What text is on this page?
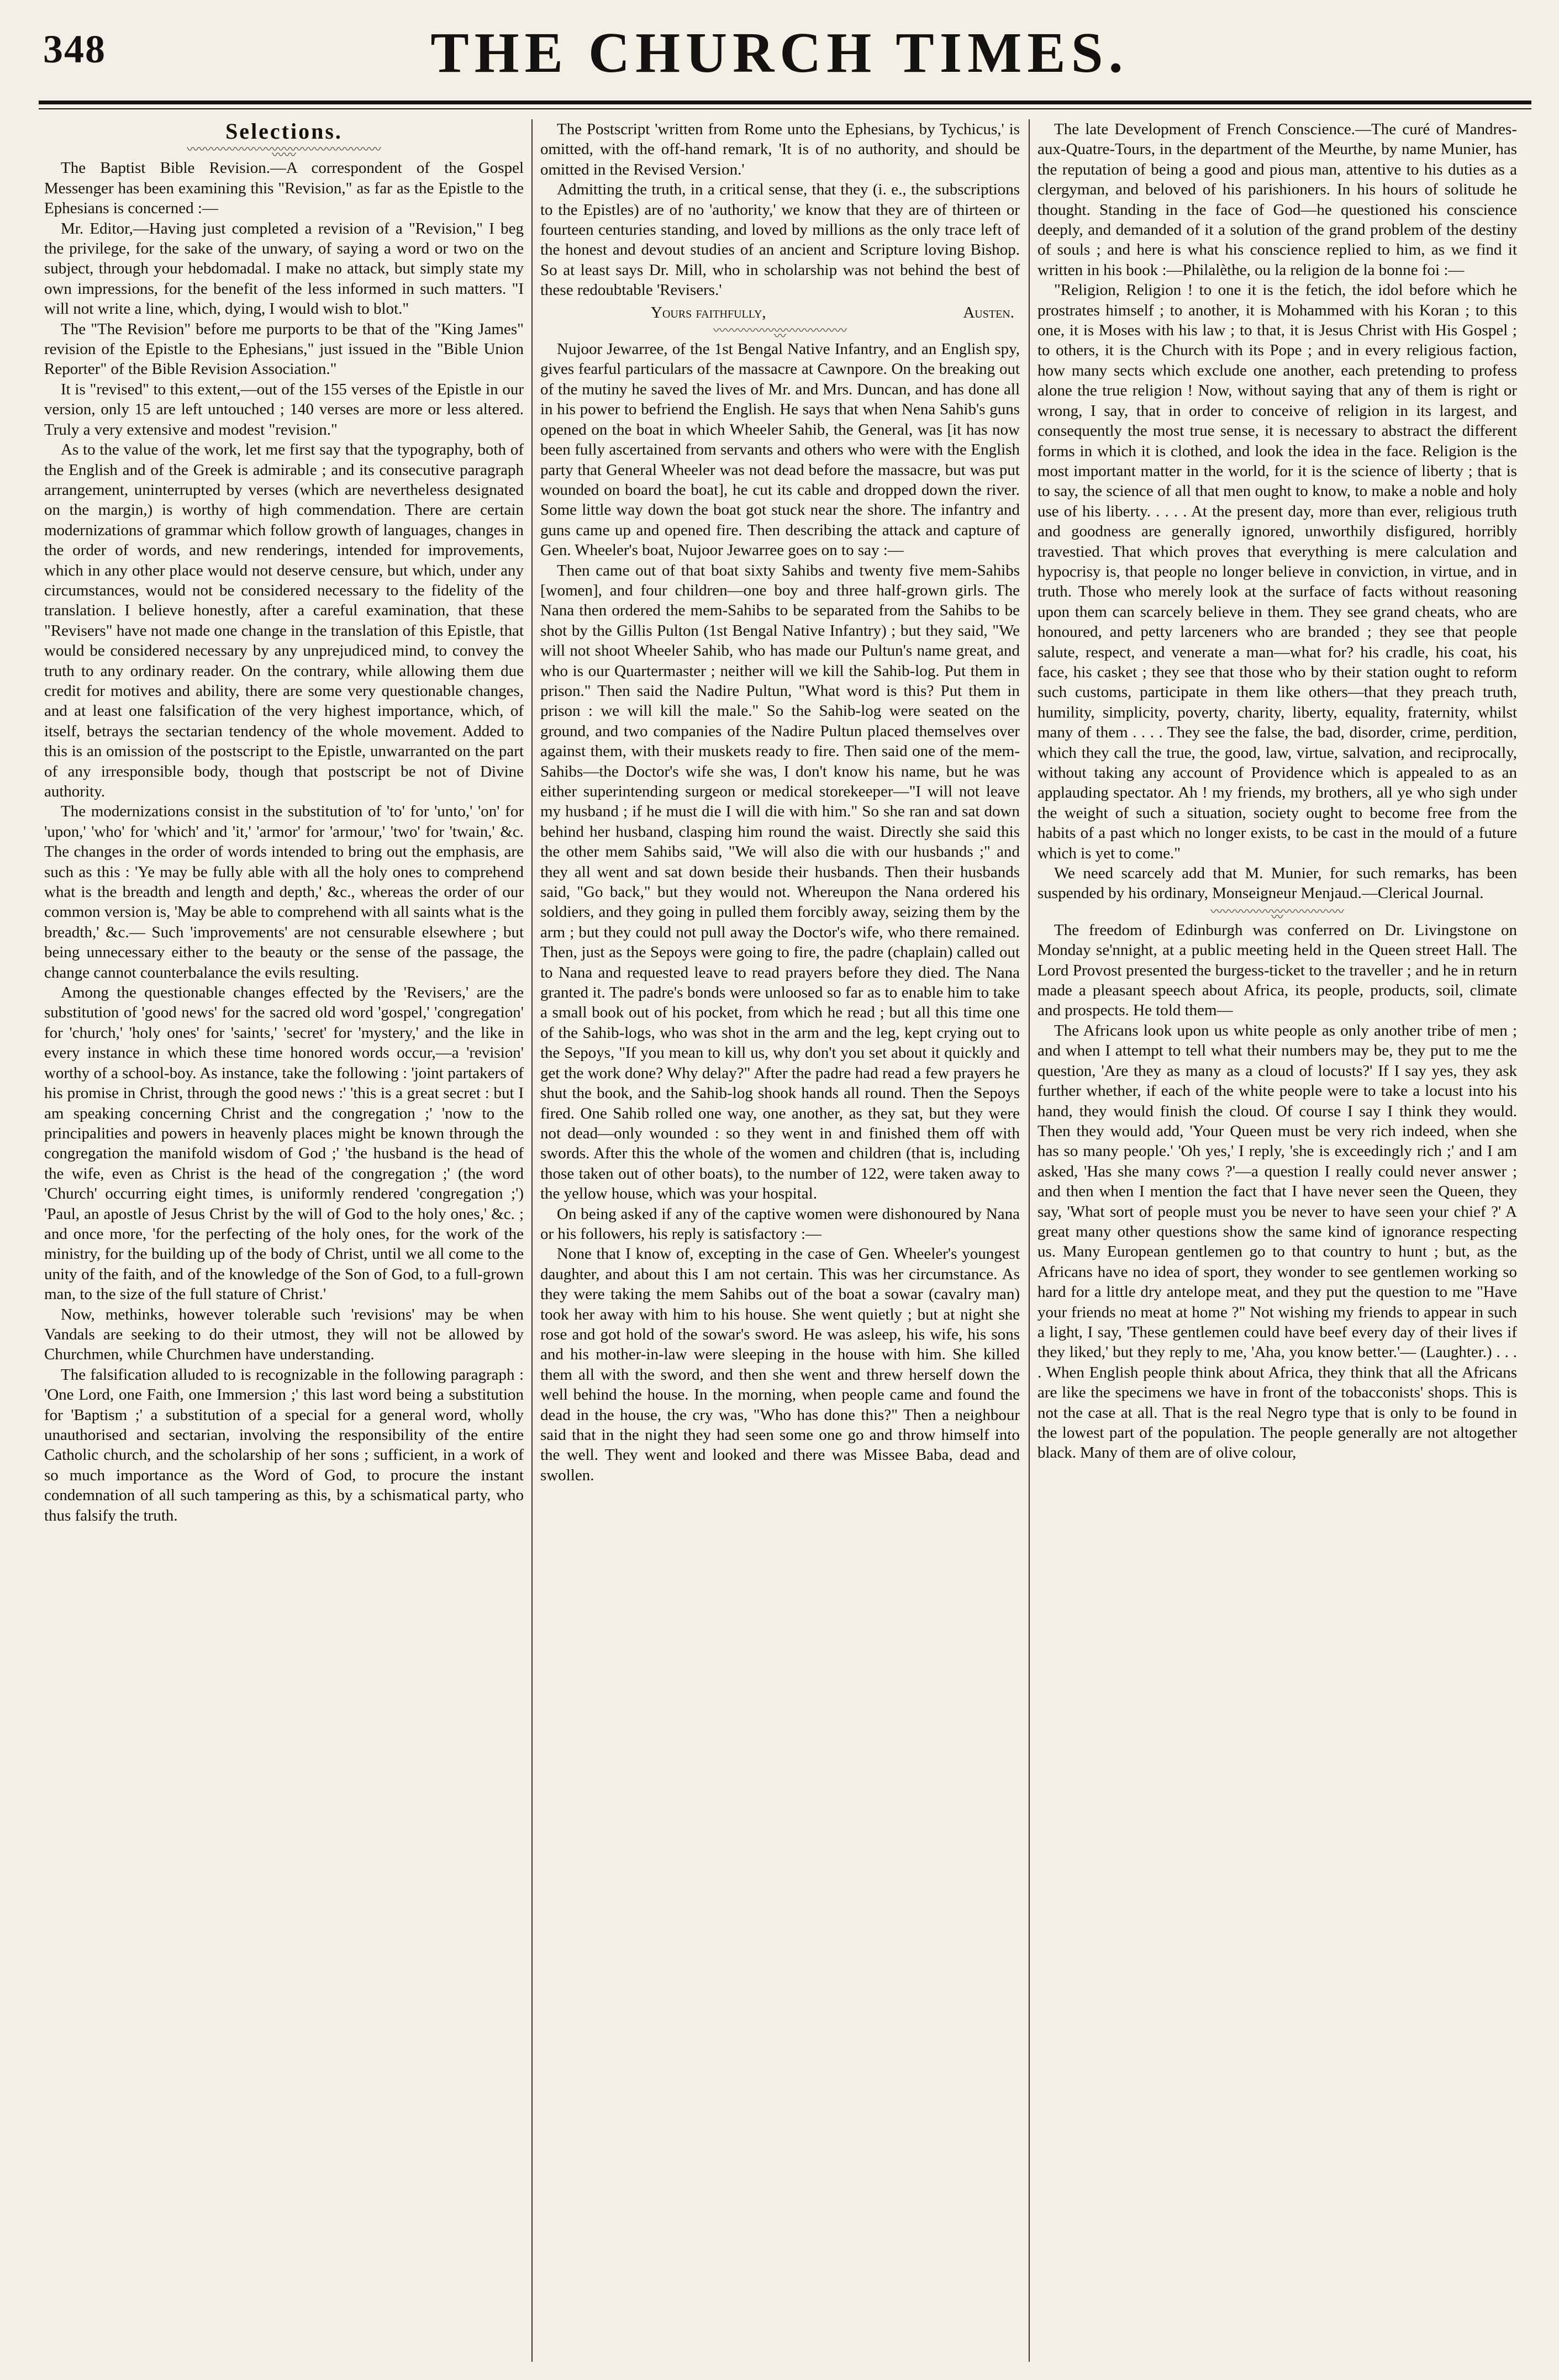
348	THE CHURCH TIMES.
Selections.
〰〰〰〰〰〰〰〰〰〰〰〰〰〰〰〰〰〰

The Baptist Bible Revision.—A correspondent of the Gospel Messenger has been examining this "Revision," as far as the Epistle to the Ephesians is concerned :—

Mr. Editor,—Having just completed a revision of a "Revision," I beg the privilege, for the sake of the unwary, of saying a word or two on the subject, through your hebdomadal. I make no attack, but simply state my own impressions, for the benefit of the less informed in such matters. "I will not write a line, which, dying, I would wish to blot."

The "The Revision" before me purports to be that of the "King James" revision of the Epistle to the Ephesians," just issued in the "Bible Union Reporter" of the Bible Revision Association."

It is "revised" to this extent,—out of the 155 verses of the Epistle in our version, only 15 are left untouched ; 140 verses are more or less altered. Truly a very extensive and modest "revision."

As to the value of the work, let me first say that the typography, both of the English and of the Greek is admirable ; and its consecutive paragraph arrangement, uninterrupted by verses (which are nevertheless designated on the margin,) is worthy of high commendation. There are certain modernizations of grammar which follow growth of languages, changes in the order of words, and new renderings, intended for improvements, which in any other place would not deserve censure, but which, under any circumstances, would not be considered necessary to the fidelity of the translation. I believe honestly, after a careful examination, that these "Revisers" have not made one change in the translation of this Epistle, that would be considered necessary by any unprejudiced mind, to convey the truth to any ordinary reader. On the contrary, while allowing them due credit for motives and ability, there are some very questionable changes, and at least one falsification of the very highest importance, which, of itself, betrays the sectarian tendency of the whole movement. Added to this is an omission of the postscript to the Epistle, unwarranted on the part of any irresponsible body, though that postscript be not of Divine authority.

The modernizations consist in the substitution of 'to' for 'unto,' 'on' for 'upon,' 'who' for 'which' and 'it,' 'armor' for 'armour,' 'two' for 'twain,' &c. The changes in the order of words intended to bring out the emphasis, are such as this : 'Ye may be fully able with all the holy ones to comprehend what is the breadth and length and depth,' &c., whereas the order of our common version is, 'May be able to comprehend with all saints what is the breadth,' &c.— Such 'improvements' are not censurable elsewhere ; but being unnecessary either to the beauty or the sense of the passage, the change cannot counterbalance the evils resulting.

Among the questionable changes effected by the 'Revisers,' are the substitution of 'good news' for the sacred old word 'gospel,' 'congregation' for 'church,' 'holy ones' for 'saints,' 'secret' for 'mystery,' and the like in every instance in which these time honored words occur,—a 'revision' worthy of a school-boy. As instance, take the following : 'joint partakers of his promise in Christ, through the good news :' 'this is a great secret : but I am speaking concerning Christ and the congregation ;' 'now to the principalities and powers in heavenly places might be known through the congregation the manifold wisdom of God ;' 'the husband is the head of the wife, even as Christ is the head of the congregation ;' (the word 'Church' occurring eight times, is uniformly rendered 'congregation ;') 'Paul, an apostle of Jesus Christ by the will of God to the holy ones,' &c. ; and once more, 'for the perfecting of the holy ones, for the work of the ministry, for the building up of the body of Christ, until we all come to the unity of the faith, and of the knowledge of the Son of God, to a full-grown man, to the size of the full stature of Christ.'

Now, methinks, however tolerable such 'revisions' may be when Vandals are seeking to do their utmost, they will not be allowed by Churchmen, while Churchmen have understanding.

The falsification alluded to is recognizable in the following paragraph : 'One Lord, one Faith, one Immersion ;' this last word being a substitution for 'Baptism ;' a substitution of a special for a general word, wholly unauthorised and sectarian, involving the responsibility of the entire Catholic church, and the scholarship of her sons ; sufficient, in a work of so much importance as the Word of God, to procure the instant condemnation of all such tampering as this, by a schismatical party, who thus falsify the truth.

The Postscript 'written from Rome unto the Ephesians, by Tychicus,' is omitted, with the off-hand remark, 'It is of no authority, and should be omitted in the Revised Version.'

Admitting the truth, in a critical sense, that they (i. e., the subscriptions to the Epistles) are of no 'authority,' we know that they are of thirteen or fourteen centuries standing, and loved by millions as the only trace left of the honest and devout studies of an ancient and Scripture loving Bishop. So at least says Dr. Mill, who in scholarship was not behind the best of these redoubtable 'Revisers.'

Yours faithfully,	Austen.
〰〰〰〰〰〰〰〰〰〰〰〰

Nujoor Jewarree, of the 1st Bengal Native Infantry, and an English spy, gives fearful particulars of the massacre at Cawnpore. On the breaking out of the mutiny he saved the lives of Mr. and Mrs. Duncan, and has done all in his power to befriend the English. He says that when Nena Sahib's guns opened on the boat in which Wheeler Sahib, the General, was [it has now been fully ascertained from servants and others who were with the English party that General Wheeler was not dead before the massacre, but was put wounded on board the boat], he cut its cable and dropped down the river. Some little way down the boat got stuck near the shore. The infantry and guns came up and opened fire. Then describing the attack and capture of Gen. Wheeler's boat, Nujoor Jewarree goes on to say :—

Then came out of that boat sixty Sahibs and twenty five mem-Sahibs [women], and four children—one boy and three half-grown girls. The Nana then ordered the mem-Sahibs to be separated from the Sahibs to be shot by the Gillis Pulton (1st Bengal Native Infantry) ; but they said, "We will not shoot Wheeler Sahib, who has made our Pultun's name great, and who is our Quartermaster ; neither will we kill the Sahib-log. Put them in prison." Then said the Nadire Pultun, "What word is this? Put them in prison : we will kill the male." So the Sahib-log were seated on the ground, and two companies of the Nadire Pultun placed themselves over against them, with their muskets ready to fire. Then said one of the mem-Sahibs—the Doctor's wife she was, I don't know his name, but he was either superintending surgeon or medical storekeeper—"I will not leave my husband ; if he must die I will die with him." So she ran and sat down behind her husband, clasping him round the waist. Directly she said this the other mem Sahibs said, "We will also die with our husbands ;" and they all went and sat down beside their husbands. Then their husbands said, "Go back," but they would not. Whereupon the Nana ordered his soldiers, and they going in pulled them forcibly away, seizing them by the arm ; but they could not pull away the Doctor's wife, who there remained. Then, just as the Sepoys were going to fire, the padre (chaplain) called out to Nana and requested leave to read prayers before they died. The Nana granted it. The padre's bonds were unloosed so far as to enable him to take a small book out of his pocket, from which he read ; but all this time one of the Sahib-logs, who was shot in the arm and the leg, kept crying out to the Sepoys, "If you mean to kill us, why don't you set about it quickly and get the work done? Why delay?" After the padre had read a few prayers he shut the book, and the Sahib-log shook hands all round. Then the Sepoys fired. One Sahib rolled one way, one another, as they sat, but they were not dead—only wounded : so they went in and finished them off with swords. After this the whole of the women and children (that is, including those taken out of other boats), to the number of 122, were taken away to the yellow house, which was your hospital.

On being asked if any of the captive women were dishonoured by Nana or his followers, his reply is satisfactory :—

None that I know of, excepting in the case of Gen. Wheeler's youngest daughter, and about this I am not certain. This was her circumstance. As they were taking the mem Sahibs out of the boat a sowar (cavalry man) took her away with him to his house. She went quietly ; but at night she rose and got hold of the sowar's sword. He was asleep, his wife, his sons and his mother-in-law were sleeping in the house with him. She killed them all with the sword, and then she went and threw herself down the well behind the house. In the morning, when people came and found the dead in the house, the cry was, "Who has done this?" Then a neighbour said that in the night they had seen some one go and throw himself into the well. They went and looked and there was Missee Baba, dead and swollen.

The late Development of French Conscience.—The curé of Mandres-aux-Quatre-Tours, in the department of the Meurthe, by name Munier, has the reputation of being a good and pious man, attentive to his duties as a clergyman, and beloved of his parishioners. In his hours of solitude he thought. Standing in the face of God—he questioned his conscience deeply, and demanded of it a solution of the grand problem of the destiny of souls ; and here is what his conscience replied to him, as we find it written in his book :—Philalèthe, ou la religion de la bonne foi :—

"Religion, Religion ! to one it is the fetich, the idol before which he prostrates himself ; to another, it is Mohammed with his Koran ; to this one, it is Moses with his law ; to that, it is Jesus Christ with His Gospel ; to others, it is the Church with its Pope ; and in every religious faction, how many sects which exclude one another, each pretending to profess alone the true religion ! Now, without saying that any of them is right or wrong, I say, that in order to conceive of religion in its largest, and consequently the most true sense, it is necessary to abstract the different forms in which it is clothed, and look the idea in the face. Religion is the most important matter in the world, for it is the science of liberty ; that is to say, the science of all that men ought to know, to make a noble and holy use of his liberty. . . . . At the present day, more than ever, religious truth and goodness are generally ignored, unworthily disfigured, horribly travestied. That which proves that everything is mere calculation and hypocrisy is, that people no longer believe in conviction, in virtue, and in truth. Those who merely look at the surface of facts without reasoning upon them can scarcely believe in them. They see grand cheats, who are honoured, and petty larceners who are branded ; they see that people salute, respect, and venerate a man—what for? his cradle, his coat, his face, his casket ; they see that those who by their station ought to reform such customs, participate in them like others—that they preach truth, humility, simplicity, poverty, charity, liberty, equality, fraternity, whilst many of them . . . . They see the false, the bad, disorder, crime, perdition, which they call the true, the good, law, virtue, salvation, and reciprocally, without taking any account of Providence which is appealed to as an applauding spectator. Ah ! my friends, my brothers, all ye who sigh under the weight of such a situation, society ought to become free from the habits of a past which no longer exists, to be cast in the mould of a future which is yet to come."

We need scarcely add that M. Munier, for such remarks, has been suspended by his ordinary, Monseigneur Menjaud.—Clerical Journal.

〰〰〰〰〰〰〰〰〰〰〰〰

The freedom of Edinburgh was conferred on Dr. Livingstone on Monday se'nnight, at a public meeting held in the Queen street Hall. The Lord Provost presented the burgess-ticket to the traveller ; and he in return made a pleasant speech about Africa, its people, products, soil, climate and prospects. He told them—

The Africans look upon us white people as only another tribe of men ; and when I attempt to tell what their numbers may be, they put to me the question, 'Are they as many as a cloud of locusts?' If I say yes, they ask further whether, if each of the white people were to take a locust into his hand, they would finish the cloud. Of course I say I think they would. Then they would add, 'Your Queen must be very rich indeed, when she has so many people.' 'Oh yes,' I reply, 'she is exceedingly rich ;' and I am asked, 'Has she many cows ?'—a question I really could never answer ; and then when I mention the fact that I have never seen the Queen, they say, 'What sort of people must you be never to have seen your chief ?' A great many other questions show the same kind of ignorance respecting us. Many European gentlemen go to that country to hunt ; but, as the Africans have no idea of sport, they wonder to see gentlemen working so hard for a little dry antelope meat, and they put the question to me "Have your friends no meat at home ?" Not wishing my friends to appear in such a light, I say, 'These gentlemen could have beef every day of their lives if they liked,' but they reply to me, 'Aha, you know better.'— (Laughter.) . . . . When English people think about Africa, they think that all the Africans are like the specimens we have in front of the tobacconists' shops. This is not the case at all. That is the real Negro type that is only to be found in the lowest part of the population. The people generally are not altogether black. Many of them are of olive colour,
